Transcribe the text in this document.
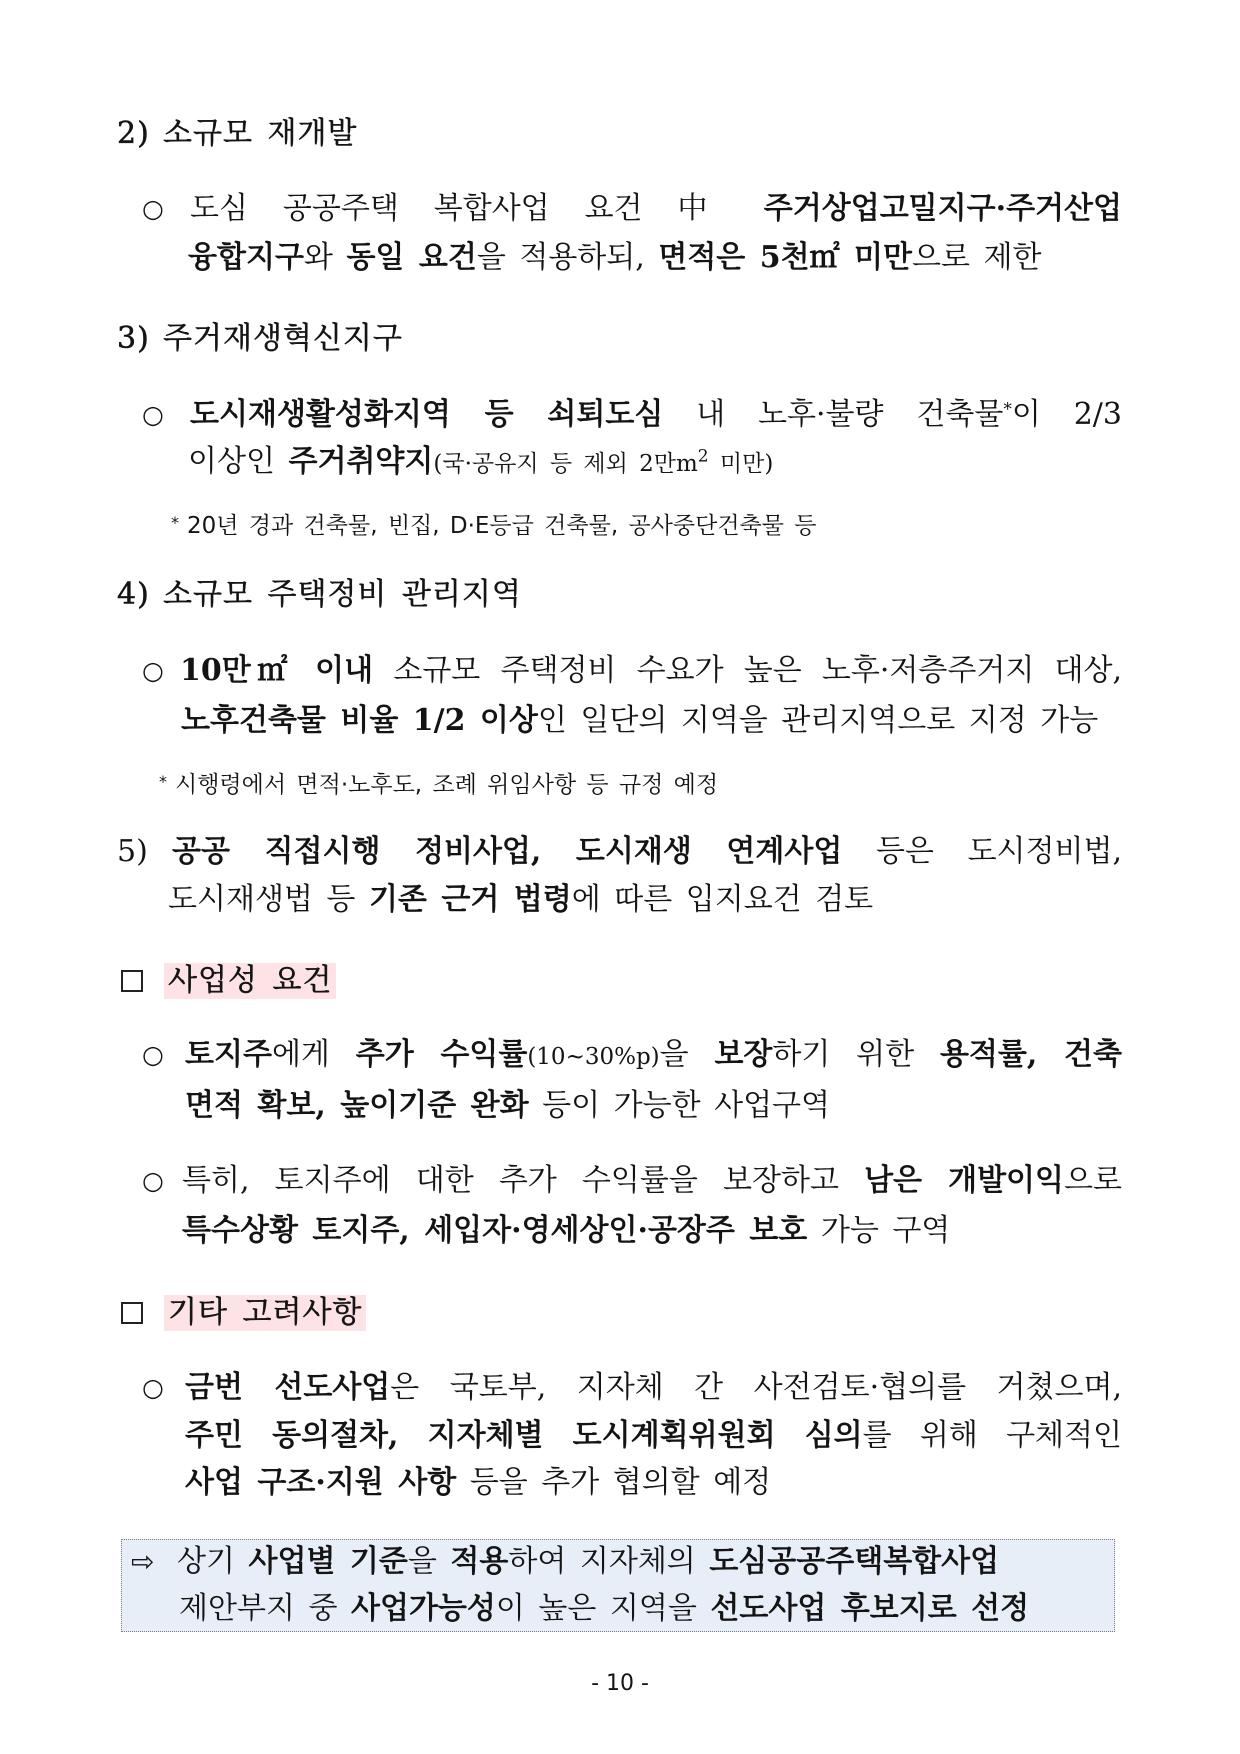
2) 소규모 재개발
○ 도심 공공주택 복합사업 요건 中 주거상업고밀지구·주거산업
융합지구와 동일 요건을 적용하되, 면적은 5천㎡ 미만으로 제한
3) 주거재생혁신지구
○ 도시재생활성화지역 등 쇠퇴도심 내 노후·불량 건축물*이 2/3
이상인 주거취약지(국·공유지 등 제외 2만$m^2$ 미만)
* 20년 경과 건축물, 빈집, D·E등급 건축물, 공사중단건축물 등
4) 소규모 주택정비 관리지역
○ 10만㎡ 이내 소규모 주택정비 수요가 높은 노후·저층주거지 대상,
노후건축물 비율 1/2 이상인 일단의 지역을 관리지역으로 지정 가능
* 시행령에서 면적·노후도, 조례 위임사항 등 규정 예정
5) 공공 직접시행 정비사업, 도시재생 연계사업 등은 도시정비법,
도시재생법 등 기존 근거 법령에 따른 입지요건 검토
사업성 요건
○ 토지주에게 추가 수익률(10~30%p)을 보장하기 위한 용적률, 건축
면적 확보, 높이기준 완화 등이 가능한 사업구역
○ 특히, 토지주에 대한 추가 수익률을 보장하고 남은 개발이익으로
특수상황 토지주, 세입자·영세상인·공장주 보호 가능 구역
기타 고려사항
○ 금번 선도사업은 국토부, 지자체 간 사전검토·협의를 거쳤으며,
주민 동의절차, 지자체별 도시계획위원회 심의를 위해 구체적인
사업 구조·지원 사항 등을 추가 협의할 예정
⇨ 상기 사업별 기준을 적용하여 지자체의 도심공공주택복합사업
제안부지 중 사업가능성이 높은 지역을 선도사업 후보지로 선정
- 10 -
